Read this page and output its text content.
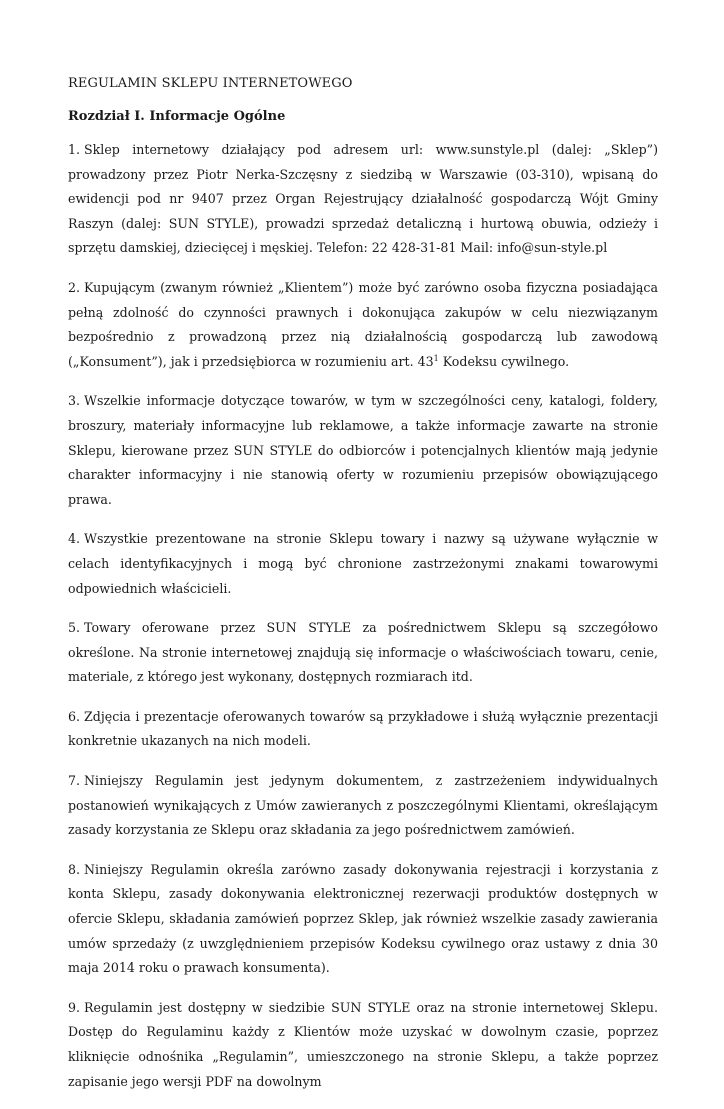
REGULAMIN SKLEPU INTERNETOWEGO
Rozdział I. Informacje Ogólne

1. Sklep internetowy działający pod adresem url: www.sunstyle.pl (dalej: „Sklep”) prowadzony przez Piotr Nerka-Szczęsny z siedzibą w Warszawie (03-310), wpisaną do ewidencji pod nr 9407 przez Organ Rejestrujący działalność gospodarczą Wójt Gminy Raszyn (dalej: SUN STYLE), prowadzi sprzedaż detaliczną i hurtową obuwia, odzieży i sprzętu damskiej, dziecięcej i męskiej. Telefon: 22 428-31-81 Mail: info@sun-style.pl

2. Kupującym (zwanym również „Klientem”) może być zarówno osoba fizyczna posiadająca pełną zdolność do czynności prawnych i dokonująca zakupów w celu niezwiązanym bezpośrednio z prowadzoną przez nią działalnością gospodarczą lub zawodową („Konsument”), jak i przedsiębiorca w rozumieniu art. $43^1$ Kodeksu cywilnego.

3. Wszelkie informacje dotyczące towarów, w tym w szczególności ceny, katalogi, foldery, broszury, materiały informacyjne lub reklamowe, a także informacje zawarte na stronie Sklepu, kierowane przez SUN STYLE do odbiorców i potencjalnych klientów mają jedynie charakter informacyjny i nie stanowią oferty w rozumieniu przepisów obowiązującego prawa.

4. Wszystkie prezentowane na stronie Sklepu towary i nazwy są używane wyłącznie w celach identyfikacyjnych i mogą być chronione zastrzeżonymi znakami towarowymi odpowiednich właścicieli.

5. Towary oferowane przez SUN STYLE za pośrednictwem Sklepu są szczegółowo określone. Na stronie internetowej znajdują się informacje o właściwościach towaru, cenie, materiale, z którego jest wykonany, dostępnych rozmiarach itd.

6. Zdjęcia i prezentacje oferowanych towarów są przykładowe i służą wyłącznie prezentacji konkretnie ukazanych na nich modeli.

7. Niniejszy Regulamin jest jedynym dokumentem, z zastrzeżeniem indywidualnych postanowień wynikających z Umów zawieranych z poszczególnymi Klientami, określającym zasady korzystania ze Sklepu oraz składania za jego pośrednictwem zamówień.

8. Niniejszy Regulamin określa zarówno zasady dokonywania rejestracji i korzystania z konta Sklepu, zasady dokonywania elektronicznej rezerwacji produktów dostępnych w ofercie Sklepu, składania zamówień poprzez Sklep, jak również wszelkie zasady zawierania umów sprzedaży (z uwzględnieniem przepisów Kodeksu cywilnego oraz ustawy z dnia 30 maja 2014 roku o prawach konsumenta).

9. Regulamin jest dostępny w siedzibie SUN STYLE oraz na stronie internetowej Sklepu. Dostęp do Regulaminu każdy z Klientów może uzyskać w dowolnym czasie, poprzez kliknięcie odnośnika „Regulamin”, umieszczonego na stronie Sklepu, a także poprzez zapisanie jego wersji PDF na dowolnym
